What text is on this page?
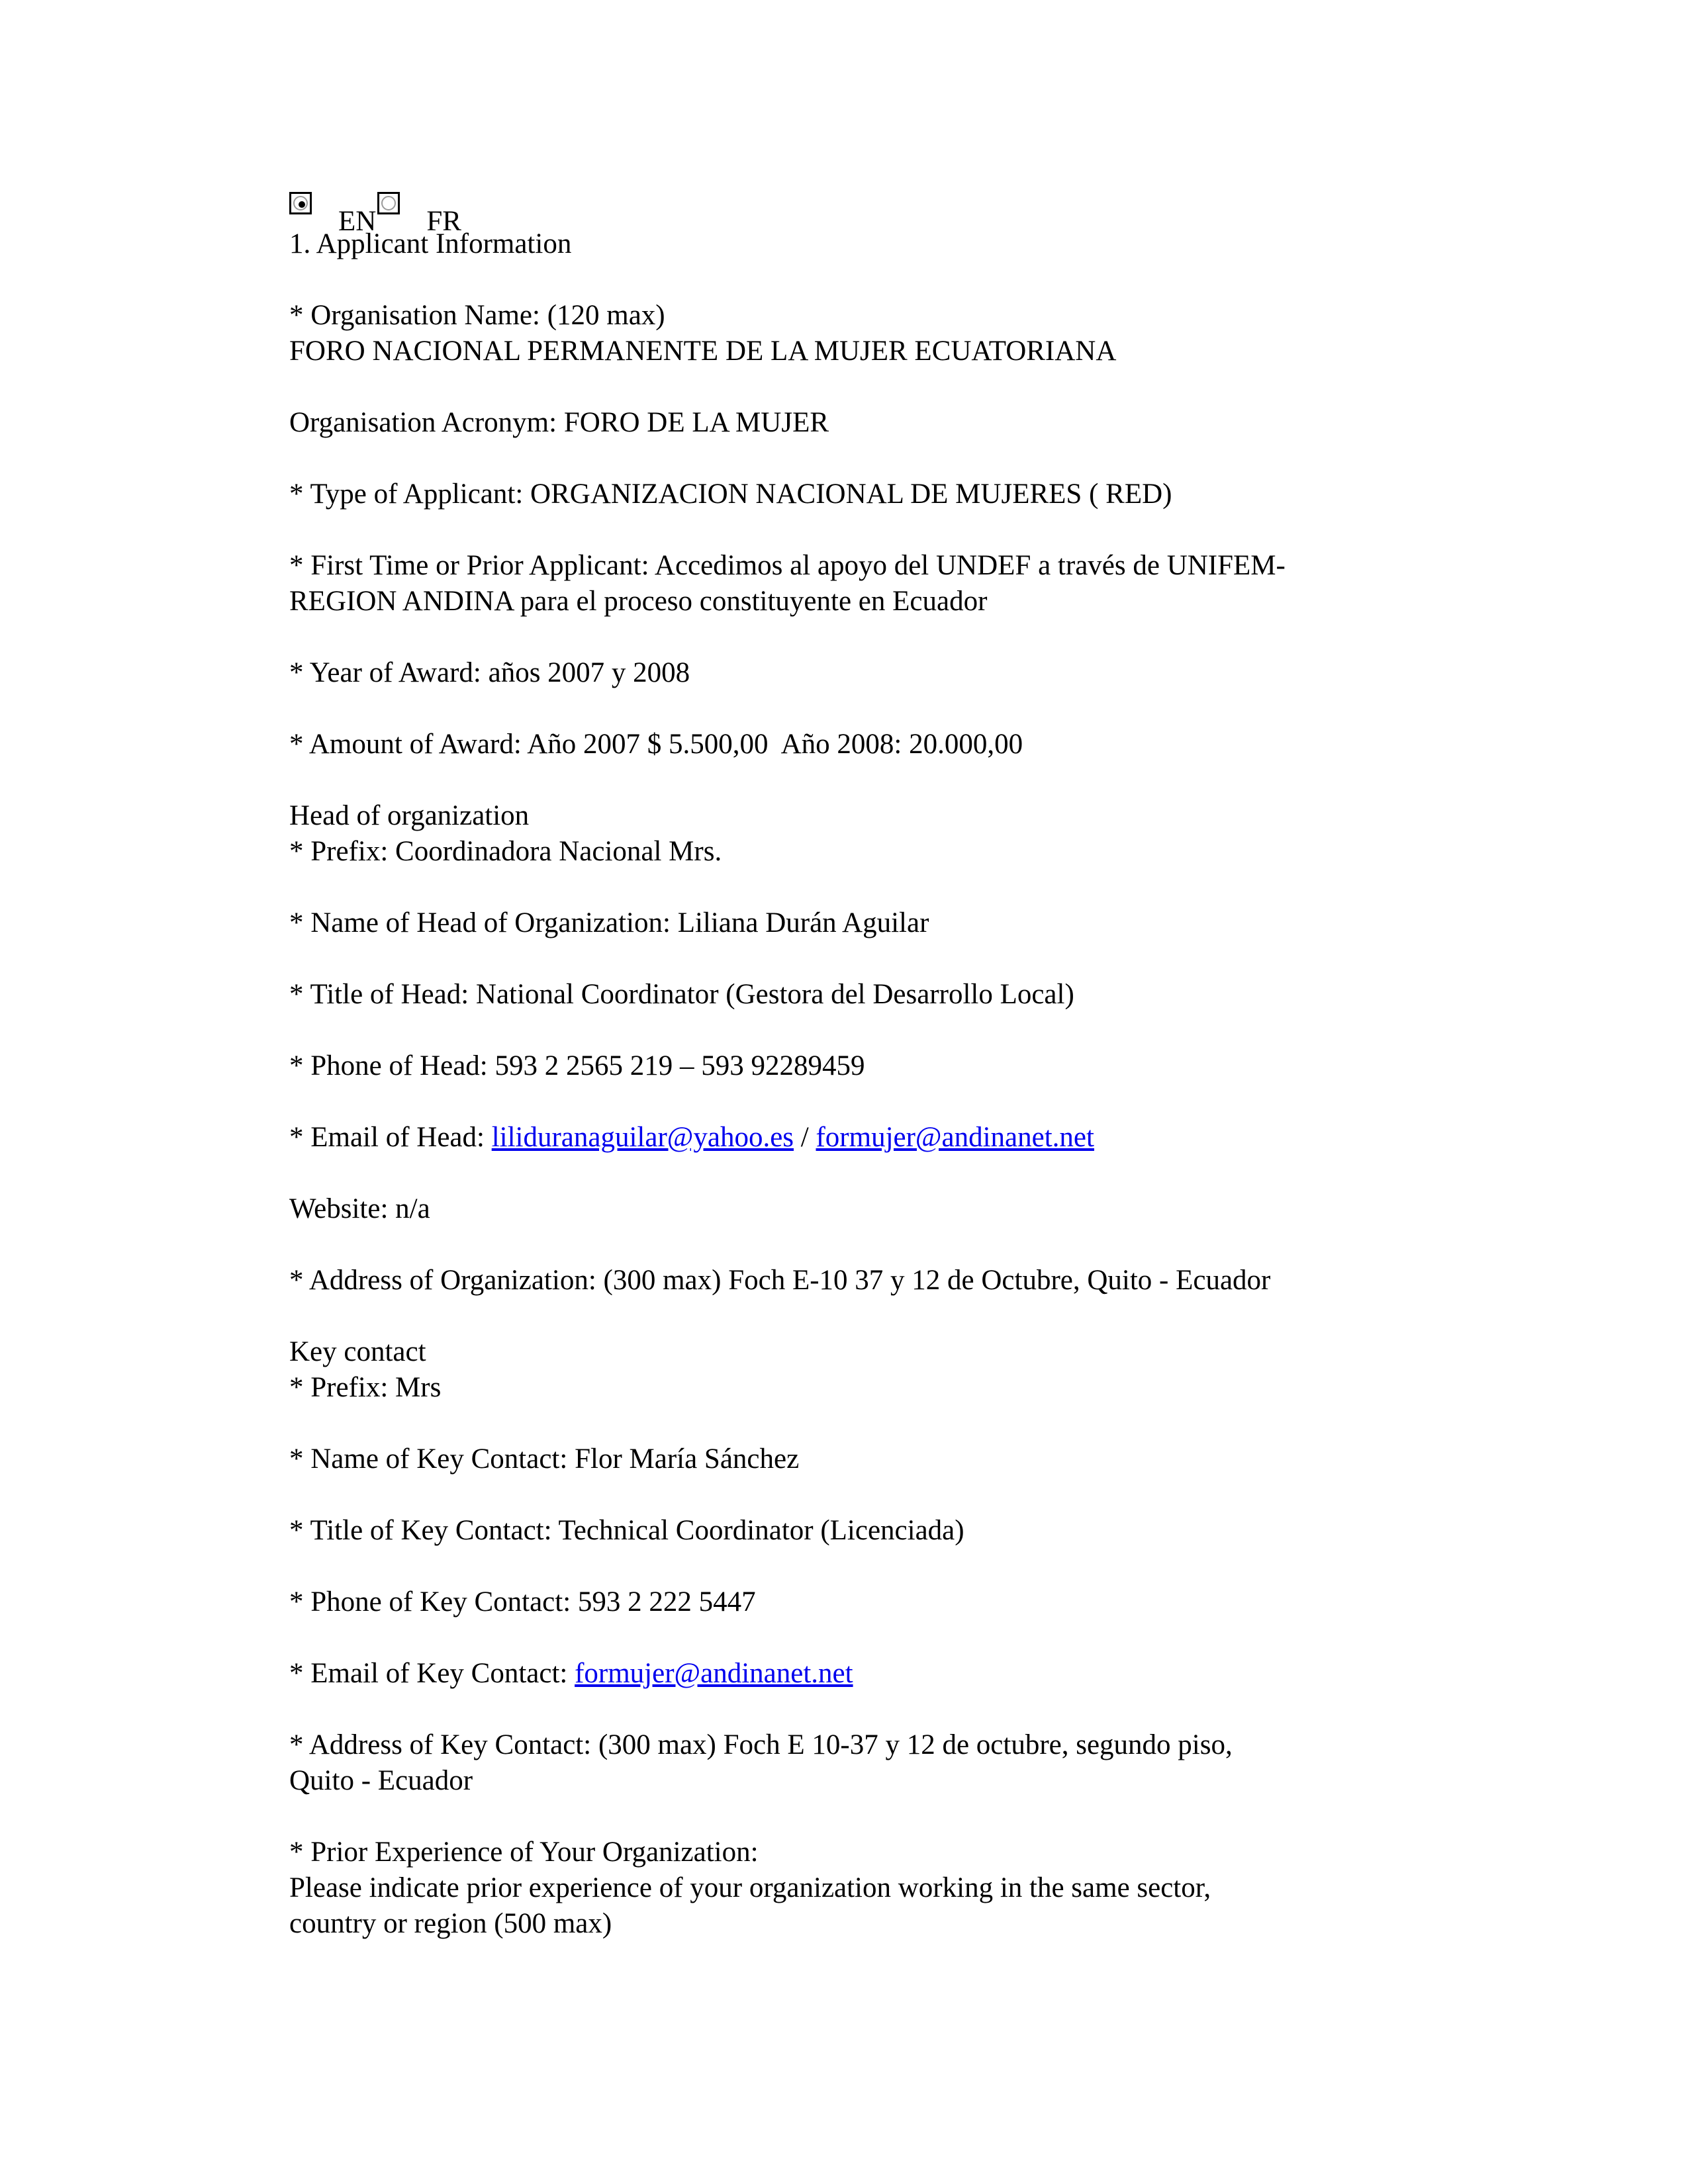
EN FR

1. Applicant Information

* Organisation Name: (120 max)

FORO NACIONAL PERMANENTE DE LA MUJER ECUATORIANA

Organisation Acronym: FORO DE LA MUJER

* Type of Applicant: ORGANIZACION NACIONAL DE MUJERES ( RED)

* First Time or Prior Applicant: Accedimos al apoyo del UNDEF a través de UNIFEM-

REGION ANDINA para el proceso constituyente en Ecuador

* Year of Award: años 2007 y 2008

* Amount of Award: Año 2007 $ 5.500,00  Año 2008: 20.000,00

Head of organization

* Prefix: Coordinadora Nacional Mrs.

* Name of Head of Organization: Liliana Durán Aguilar

* Title of Head: National Coordinator (Gestora del Desarrollo Local)

* Phone of Head: 593 2 2565 219 – 593 92289459

* Email of Head: liliduranaguilar@yahoo.es / formujer@andinanet.net

Website: n/a

* Address of Organization: (300 max) Foch E-10 37 y 12 de Octubre, Quito - Ecuador

Key contact

* Prefix: Mrs

* Name of Key Contact: Flor María Sánchez

* Title of Key Contact: Technical Coordinator (Licenciada)

* Phone of Key Contact: 593 2 222 5447

* Email of Key Contact: formujer@andinanet.net

* Address of Key Contact: (300 max) Foch E 10-37 y 12 de octubre, segundo piso,

Quito - Ecuador

* Prior Experience of Your Organization:

Please indicate prior experience of your organization working in the same sector,

country or region (500 max)
